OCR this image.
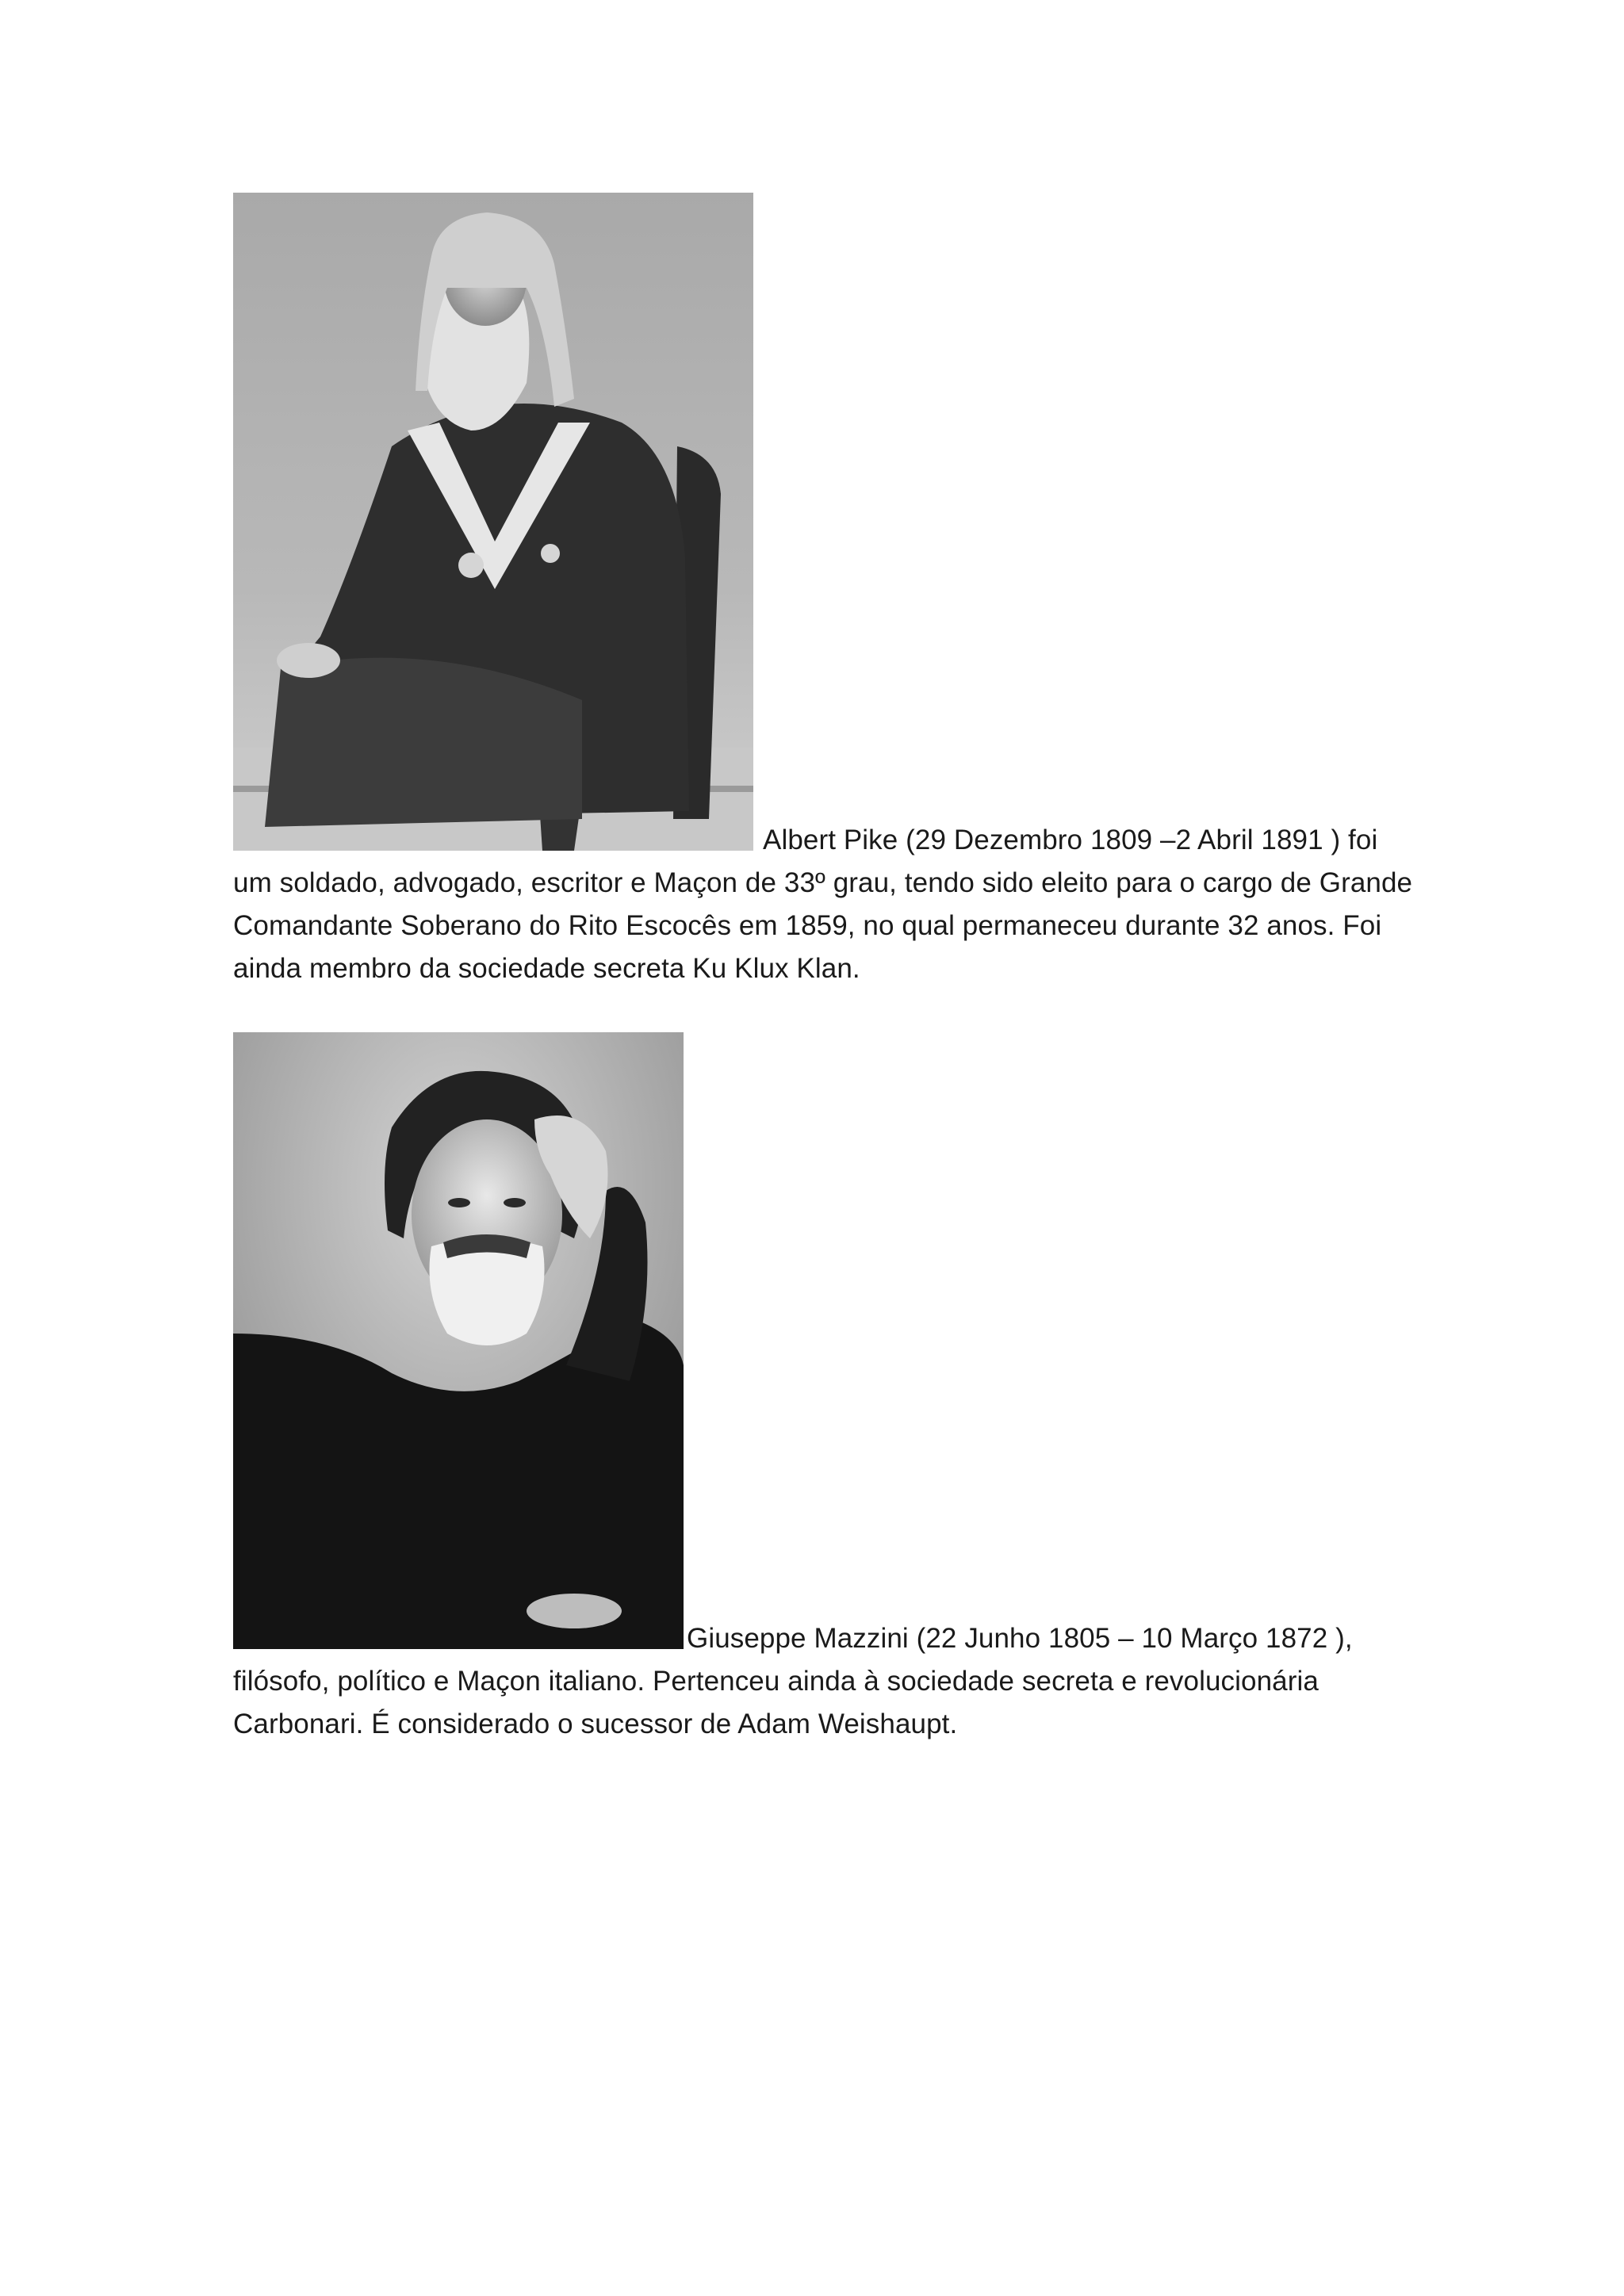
Albert Pike (29 Dezembro 1809 –2 Abril 1891 ) foi

um soldado, advogado, escritor e Maçon de 33º grau, tendo sido eleito para o cargo de Grande
Comandante Soberano do Rito Escocês em 1859, no qual permaneceu durante 32 anos. Foi
ainda membro da sociedade secreta Ku Klux Klan.

Giuseppe Mazzini (22 Junho 1805 – 10 Março 1872 ),

filósofo, político e Maçon italiano. Pertenceu ainda à sociedade secreta e revolucionária
Carbonari. É considerado o sucessor de Adam Weishaupt.
